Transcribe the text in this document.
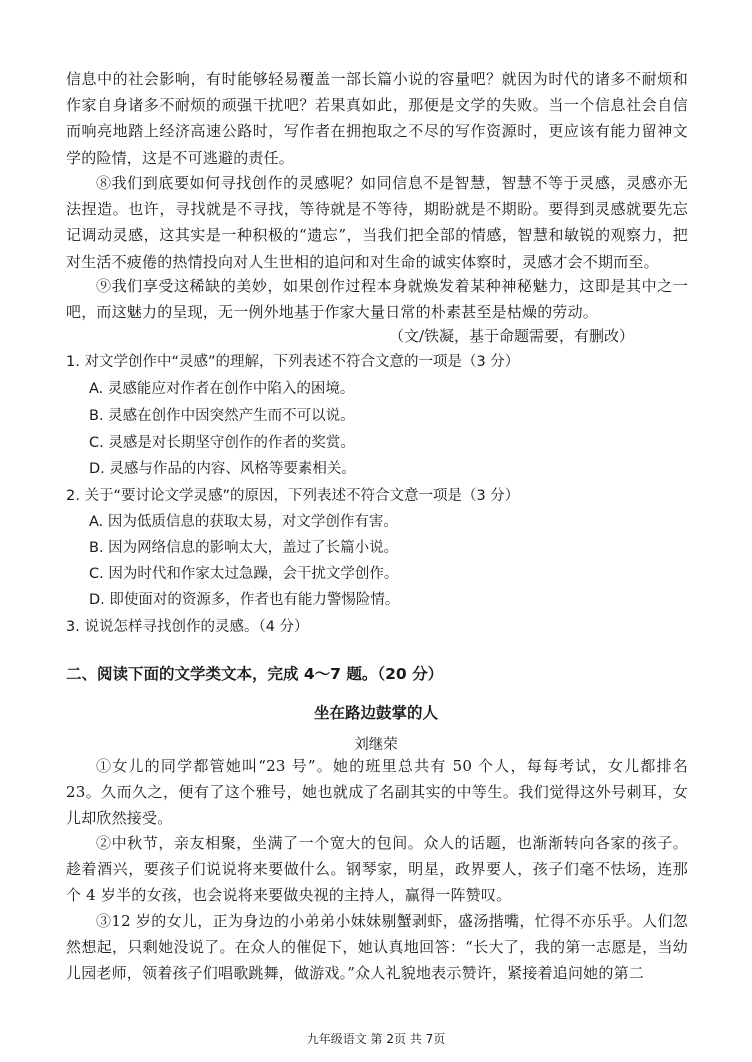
信息中的社会影响，有时能够轻易覆盖一部长篇小说的容量吧？就因为时代的诸多不耐烦和作家自身诸多不耐烦的顽强干扰吧？若果真如此，那便是文学的失败。当一个信息社会自信而响亮地踏上经济高速公路时，写作者在拥抱取之不尽的写作资源时，更应该有能力留神文学的险情，这是不可逃避的责任。
⑧我们到底要如何寻找创作的灵感呢？如同信息不是智慧，智慧不等于灵感，灵感亦无法捏造。也许，寻找就是不寻找，等待就是不等待，期盼就是不期盼。要得到灵感就要先忘记调动灵感，这其实是一种积极的“遗忘”，当我们把全部的情感，智慧和敏锐的观察力，把对生活不疲倦的热情投向对人生世相的追问和对生命的诚实体察时，灵感才会不期而至。
⑨我们享受这稀缺的美妙，如果创作过程本身就焕发着某种神秘魅力，这即是其中之一吧，而这魅力的呈现，无一例外地基于作家大量日常的朴素甚至是枯燥的劳动。
（文/铁凝，基于命题需要，有删改）
1. 对文学创作中“灵感”的理解，下列表述不符合文意的一项是（3 分）
A. 灵感能应对作者在创作中陷入的困境。
B. 灵感在创作中因突然产生而不可以说。
C. 灵感是对长期坚守创作的作者的奖赏。
D. 灵感与作品的内容、风格等要素相关。
2. 关于“要讨论文学灵感”的原因，下列表述不符合文意一项是（3 分）
A. 因为低质信息的获取太易，对文学创作有害。
B. 因为网络信息的影响太大，盖过了长篇小说。
C. 因为时代和作家太过急躁，会干扰文学创作。
D. 即使面对的资源多，作者也有能力警惕险情。
3. 说说怎样寻找创作的灵感。（4 分）
二、阅读下面的文学类文本，完成 4～7 题。（20 分）
坐在路边鼓掌的人
刘继荣
①女儿的同学都管她叫“23 号”。她的班里总共有 50 个人，每每考试，女儿都排名 23。久而久之，便有了这个雅号，她也就成了名副其实的中等生。我们觉得这外号刺耳，女儿却欣然接受。
②中秋节，亲友相聚，坐满了一个宽大的包间。众人的话题，也渐渐转向各家的孩子。趁着酒兴，要孩子们说说将来要做什么。钢琴家，明星，政界要人，孩子们毫不怯场，连那个 4 岁半的女孩，也会说将来要做央视的主持人，赢得一阵赞叹。
③12 岁的女儿，正为身边的小弟弟小妹妹剔蟹剥虾，盛汤揩嘴，忙得不亦乐乎。人们忽然想起，只剩她没说了。在众人的催促下，她认真地回答：“长大了，我的第一志愿是，当幼儿园老师，领着孩子们唱歌跳舞，做游戏。”众人礼貌地表示赞许，紧接着追问她的第二
九年级语文 第 2页 共 7页
